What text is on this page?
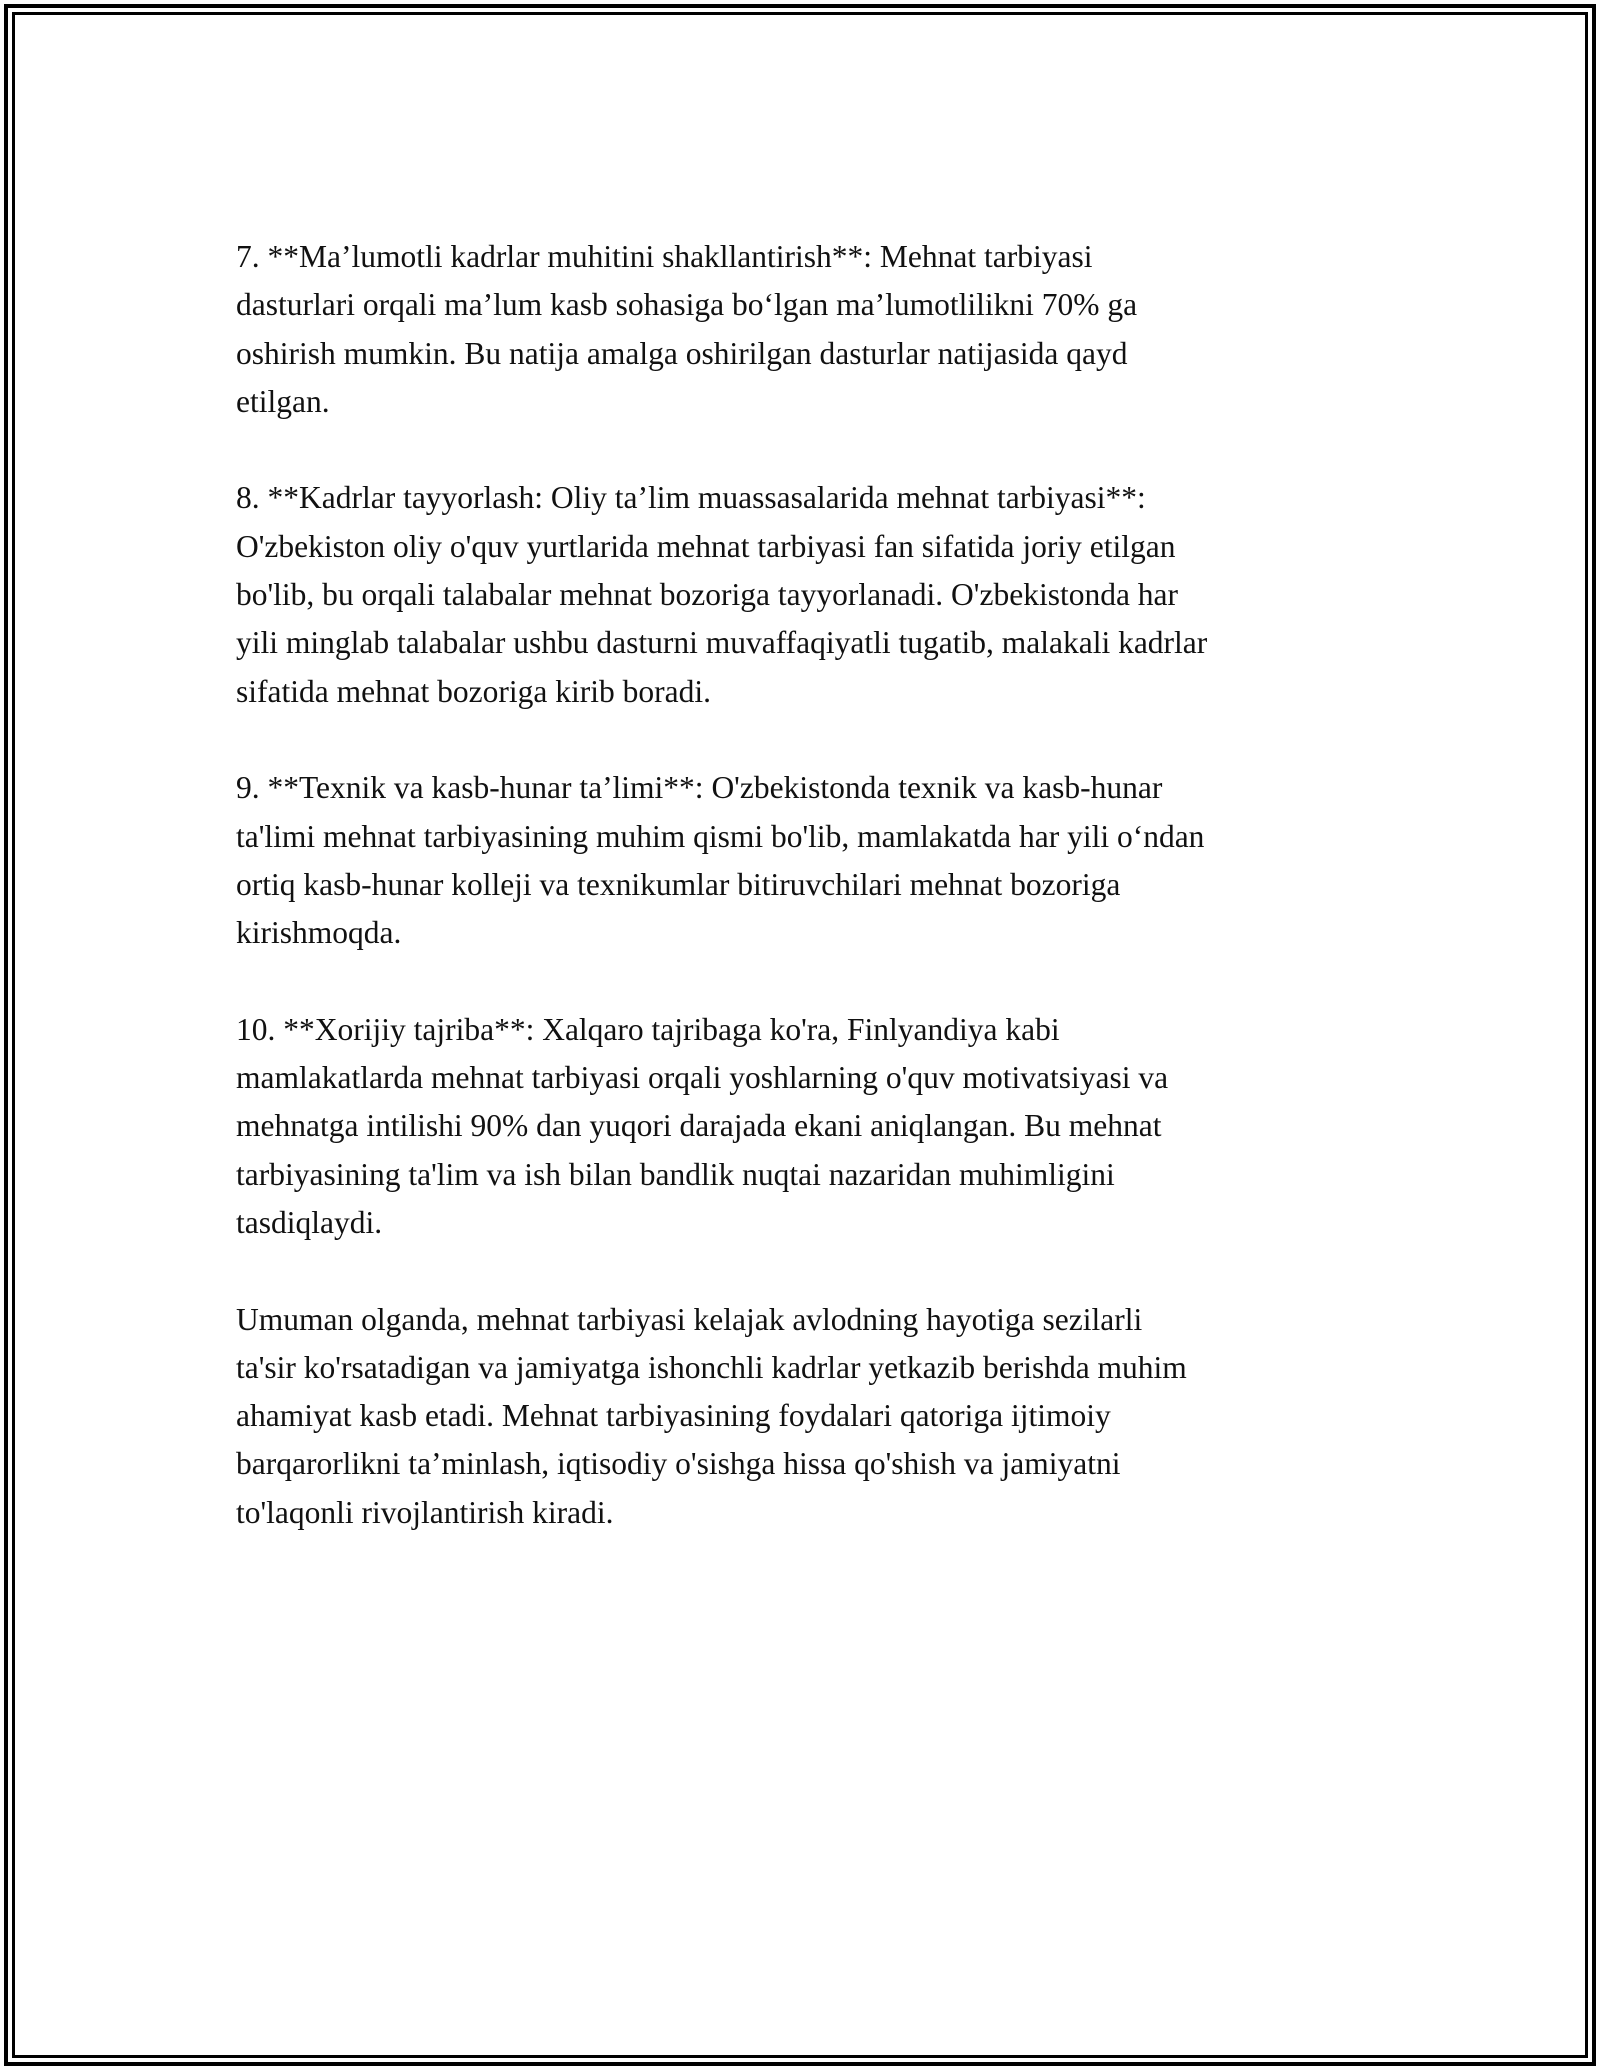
7. **Ma’lumotli kadrlar muhitini shakllantirish**: Mehnat tarbiyasi
dasturlari orqali ma’lum kasb sohasiga bo‘lgan ma’lumotlilikni 70% ga
oshirish mumkin. Bu natija amalga oshirilgan dasturlar natijasida qayd
etilgan.

8. **Kadrlar tayyorlash: Oliy ta’lim muassasalarida mehnat tarbiyasi**:
O'zbekiston oliy o'quv yurtlarida mehnat tarbiyasi fan sifatida joriy etilgan
bo'lib, bu orqali talabalar mehnat bozoriga tayyorlanadi. O'zbekistonda har
yili minglab talabalar ushbu dasturni muvaffaqiyatli tugatib, malakali kadrlar
sifatida mehnat bozoriga kirib boradi.

9. **Texnik va kasb-hunar ta’limi**: O'zbekistonda texnik va kasb-hunar
ta'limi mehnat tarbiyasining muhim qismi bo'lib, mamlakatda har yili o‘ndan
ortiq kasb-hunar kolleji va texnikumlar bitiruvchilari mehnat bozoriga
kirishmoqda.

10. **Xorijiy tajriba**: Xalqaro tajribaga ko'ra, Finlyandiya kabi
mamlakatlarda mehnat tarbiyasi orqali yoshlarning o'quv motivatsiyasi va
mehnatga intilishi 90% dan yuqori darajada ekani aniqlangan. Bu mehnat
tarbiyasining ta'lim va ish bilan bandlik nuqtai nazaridan muhimligini
tasdiqlaydi.

Umuman olganda, mehnat tarbiyasi kelajak avlodning hayotiga sezilarli
ta'sir ko'rsatadigan va jamiyatga ishonchli kadrlar yetkazib berishda muhim
ahamiyat kasb etadi. Mehnat tarbiyasining foydalari qatoriga ijtimoiy
barqarorlikni ta’minlash, iqtisodiy o'sishga hissa qo'shish va jamiyatni
to'laqonli rivojlantirish kiradi.
